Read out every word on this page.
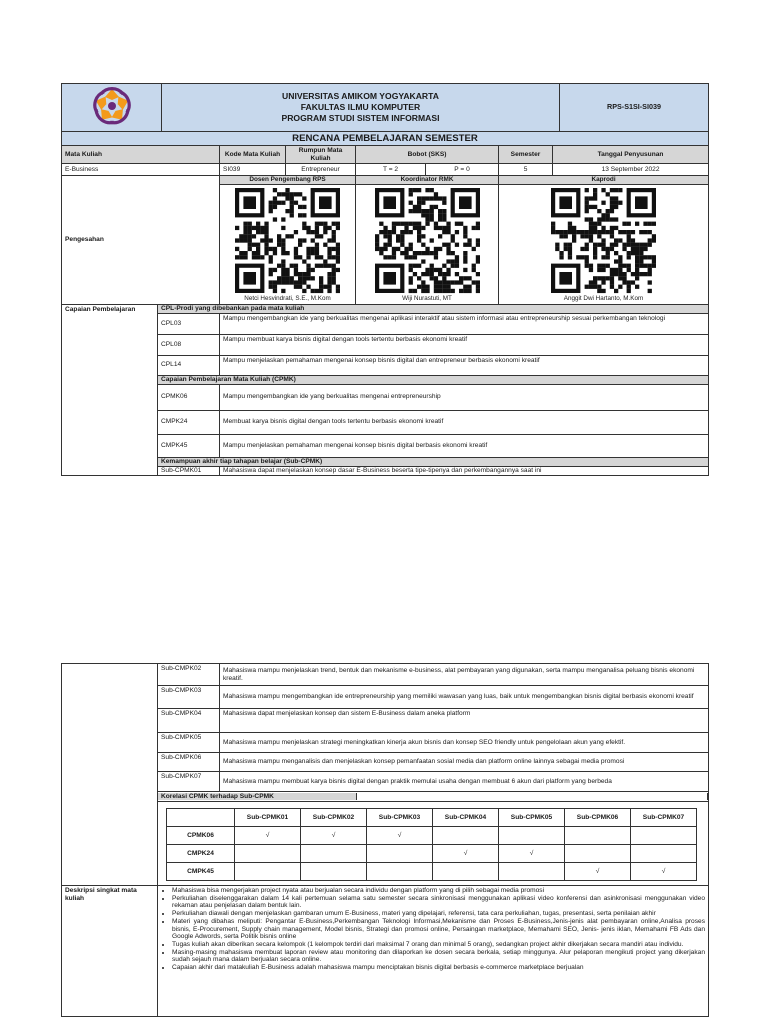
UNIVERSITAS AMIKOM YOGYAKARTA
FAKULTAS ILMU KOMPUTER
PROGRAM STUDI SISTEM INFORMASI
	RPS-S1SI-SI039
RENCANA PEMBELAJARAN SEMESTER
Mata Kuliah	Kode Mata Kuliah	Rumpun Mata Kuliah	Bobot (SKS)		Semester	Tanggal Penyusunan
E-Business	SI039	Entrepreneur	T = 2	P = 0	5	13 September 2022
Pengesahan	Dosen Pengembang RPS		Koordinator RMK		Kaprodi	

	Netci Hesvindrati, S.E., M.Kom		Wiji Nurastuti, MT		Anggit Dwi Hartanto, M.Kom	
Capaian Pembelajaran	CPL-Prodi yang dibebankan pada mata kuliah	
	CPL03	Mampu mengembangkan ide yang berkualitas mengenai aplikasi interaktif atau sistem informasi atau entrepreneurship sesuai perkembangan teknologi
	CPL08	Mampu membuat karya bisnis digital dengan tools tertentu berbasis ekonomi kreatif
	CPL14	Mampu menjelaskan pemahaman mengenai konsep bisnis digital dan entrepreneur berbasis ekonomi kreatif
	Capaian Pembelajaran Mata Kuliah (CPMK)	
	CPMK06	Mampu mengembangkan ide yang berkualitas mengenai entrepreneurship
	CMPK24	Membuat karya bisnis digital dengan tools tertentu berbasis ekonomi kreatif
	CMPK45	Mampu menjelaskan pemahaman mengenai konsep bisnis digital berbasis ekonomi kreatif
	Kemampuan akhir tiap tahapan belajar (Sub-CPMK)	
	Sub-CPMK01	Mahasiswa dapat menjelaskan konsep dasar E-Business beserta tipe-tipenya dan perkembangannya saat ini
	Sub-CMPK02	Mahasiswa mampu menjelaskan trend, bentuk dan mekanisme e-business, alat pembayaran yang digunakan, serta mampu menganalisa peluang bisnis ekonomi kreatif.
Sub-CMPK03	Mahasiswa mampu mengembangkan ide entrepreneurship yang memiliki wawasan yang luas, baik untuk mengembangkan bisnis digital berbasis ekonomi kreatif
Sub-CMPK04	Mahasiswa dapat menjelaskan konsep dan sistem E-Business dalam aneka platform
Sub-CMPK05	Mahasiswa mampu menjelaskan strategi meningkatkan kinerja akun bisnis dan konsep SEO friendly untuk pengelolaan akun yang efektif.
Sub-CMPK06	Mahasiswa mampu menganalisis dan menjelaskan konsep pemanfaatan sosial media dan platform online lainnya sebagai media promosi
Sub-CMPK07	Mahasiswa mampu membuat karya bisnis digital dengan praktik memulai usaha dengan membuat 6 akun dari platform yang berbeda

Korelasi CPMK terhadap Sub-CPMK

	Sub-CPMK01	Sub-CPMK02	Sub-CPMK03	Sub-CPMK04	Sub-CPMK05	Sub-CPMK06	Sub-CPMK07
CPMK06	√	√	√				
CMPK24				√	√		
CMPK45						√	√

Deskripsi singkat mata kuliah	
• Mahasiswa bisa mengerjakan project nyata atau berjualan secara individu dengan platform yang di pilih sebagai media promosi
• Perkuliahan diselenggarakan dalam 14 kali pertemuan selama satu semester secara sinkronisasi menggunakan aplikasi video konferensi dan asinkronisasi menggunakan video rekaman atau penjelasan dalam bentuk lain.
• Perkuliahan diawali dengan menjelaskan gambaran umum E-Business, materi yang dipelajari, referensi, tata cara perkuliahan, tugas, presentasi, serta penilaian akhir
• Materi yang dibahas meliputi: Pengantar E-Business,Perkembangan Teknologi Informasi,Mekanisme dan Proses E-Business,Jenis-jenis alat pembayaran online,Analisa proses bisnis, E-Procurement, Supply chain management, Model bisnis, Strategi dan promosi online, Persaingan marketplace, Memahami SEO, Jenis- jenis iklan, Memahami FB Ads dan Google Adwords, serta Politik bisnis online
• Tugas kuliah akan diberikan secara kelompok (1 kelompok terdiri dari maksimal 7 orang dan minimal 5 orang), sedangkan project akhir dikerjakan secara mandiri atau individu.
• Masing-masing mahasiswa membuat laporan review atau monitoring dan dilaporkan ke dosen secara berkala, setiap minggunya. Alur pelaporan mengikuti project yang dikerjakan sudah sejauh mana dalam berjualan secara online.
• Capaian akhir dari matakuliah E-Business adalah mahasiswa mampu menciptakan bisnis digital berbasis e-commerce marketplace berjualan
